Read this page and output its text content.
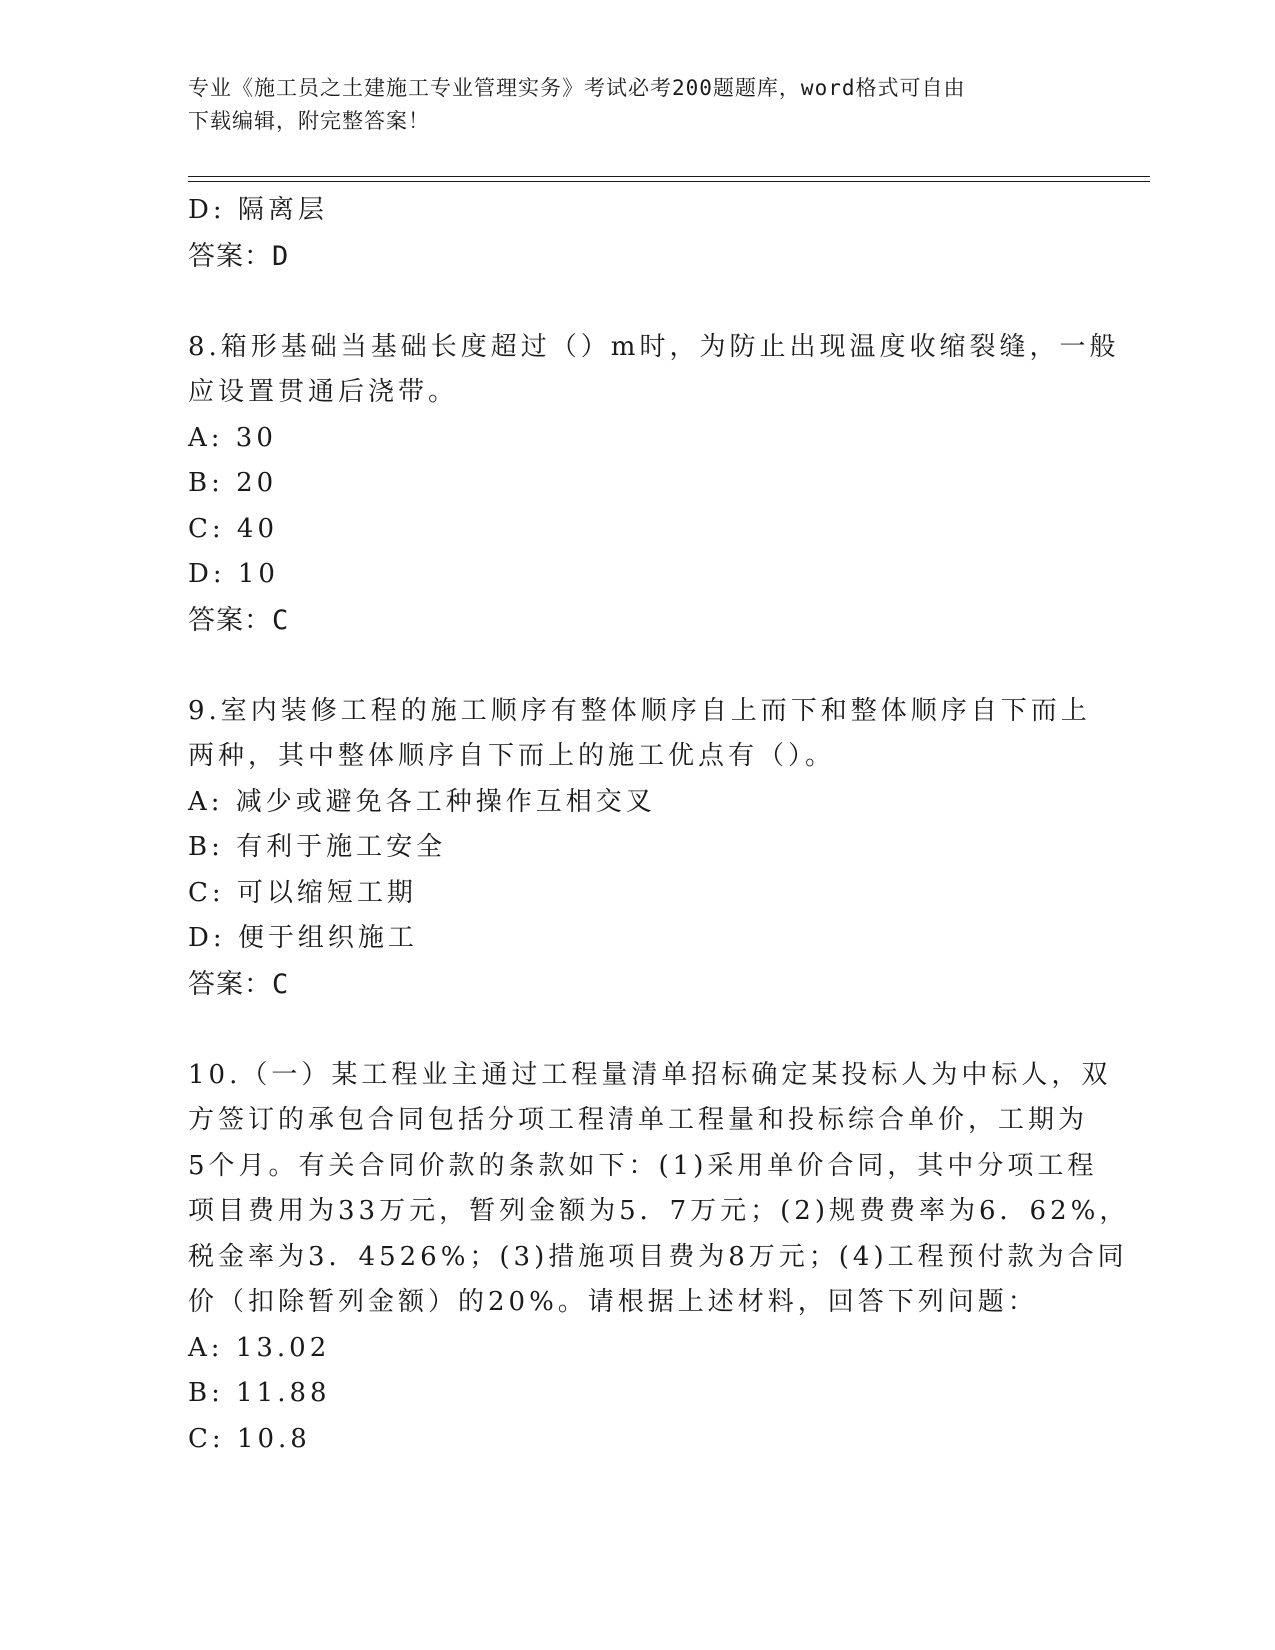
专业《施工员之土建施工专业管理实务》考试必考200题题库，word格式可自由
下载编辑，附完整答案！
D: 隔离层
答案：D
8.箱形基础当基础长度超过（）m时，为防止出现温度收缩裂缝，一般
应设置贯通后浇带。
A: 30
B: 20
C: 40
D: 10
答案：C
9.室内装修工程的施工顺序有整体顺序自上而下和整体顺序自下而上
两种，其中整体顺序自下而上的施工优点有（）。
A: 减少或避免各工种操作互相交叉
B: 有利于施工安全
C: 可以缩短工期
D: 便于组织施工
答案：C
10.（一）某工程业主通过工程量清单招标确定某投标人为中标人，双
方签订的承包合同包括分项工程清单工程量和投标综合单价，工期为
5个月。有关合同价款的条款如下：(1)采用单价合同，其中分项工程
项目费用为33万元，暂列金额为5．7万元；(2)规费费率为6．62%，
税金率为3．4526%；(3)措施项目费为8万元；(4)工程预付款为合同
价（扣除暂列金额）的20%。请根据上述材料，回答下列问题：
A: 13.02
B: 11.88
C: 10.8
